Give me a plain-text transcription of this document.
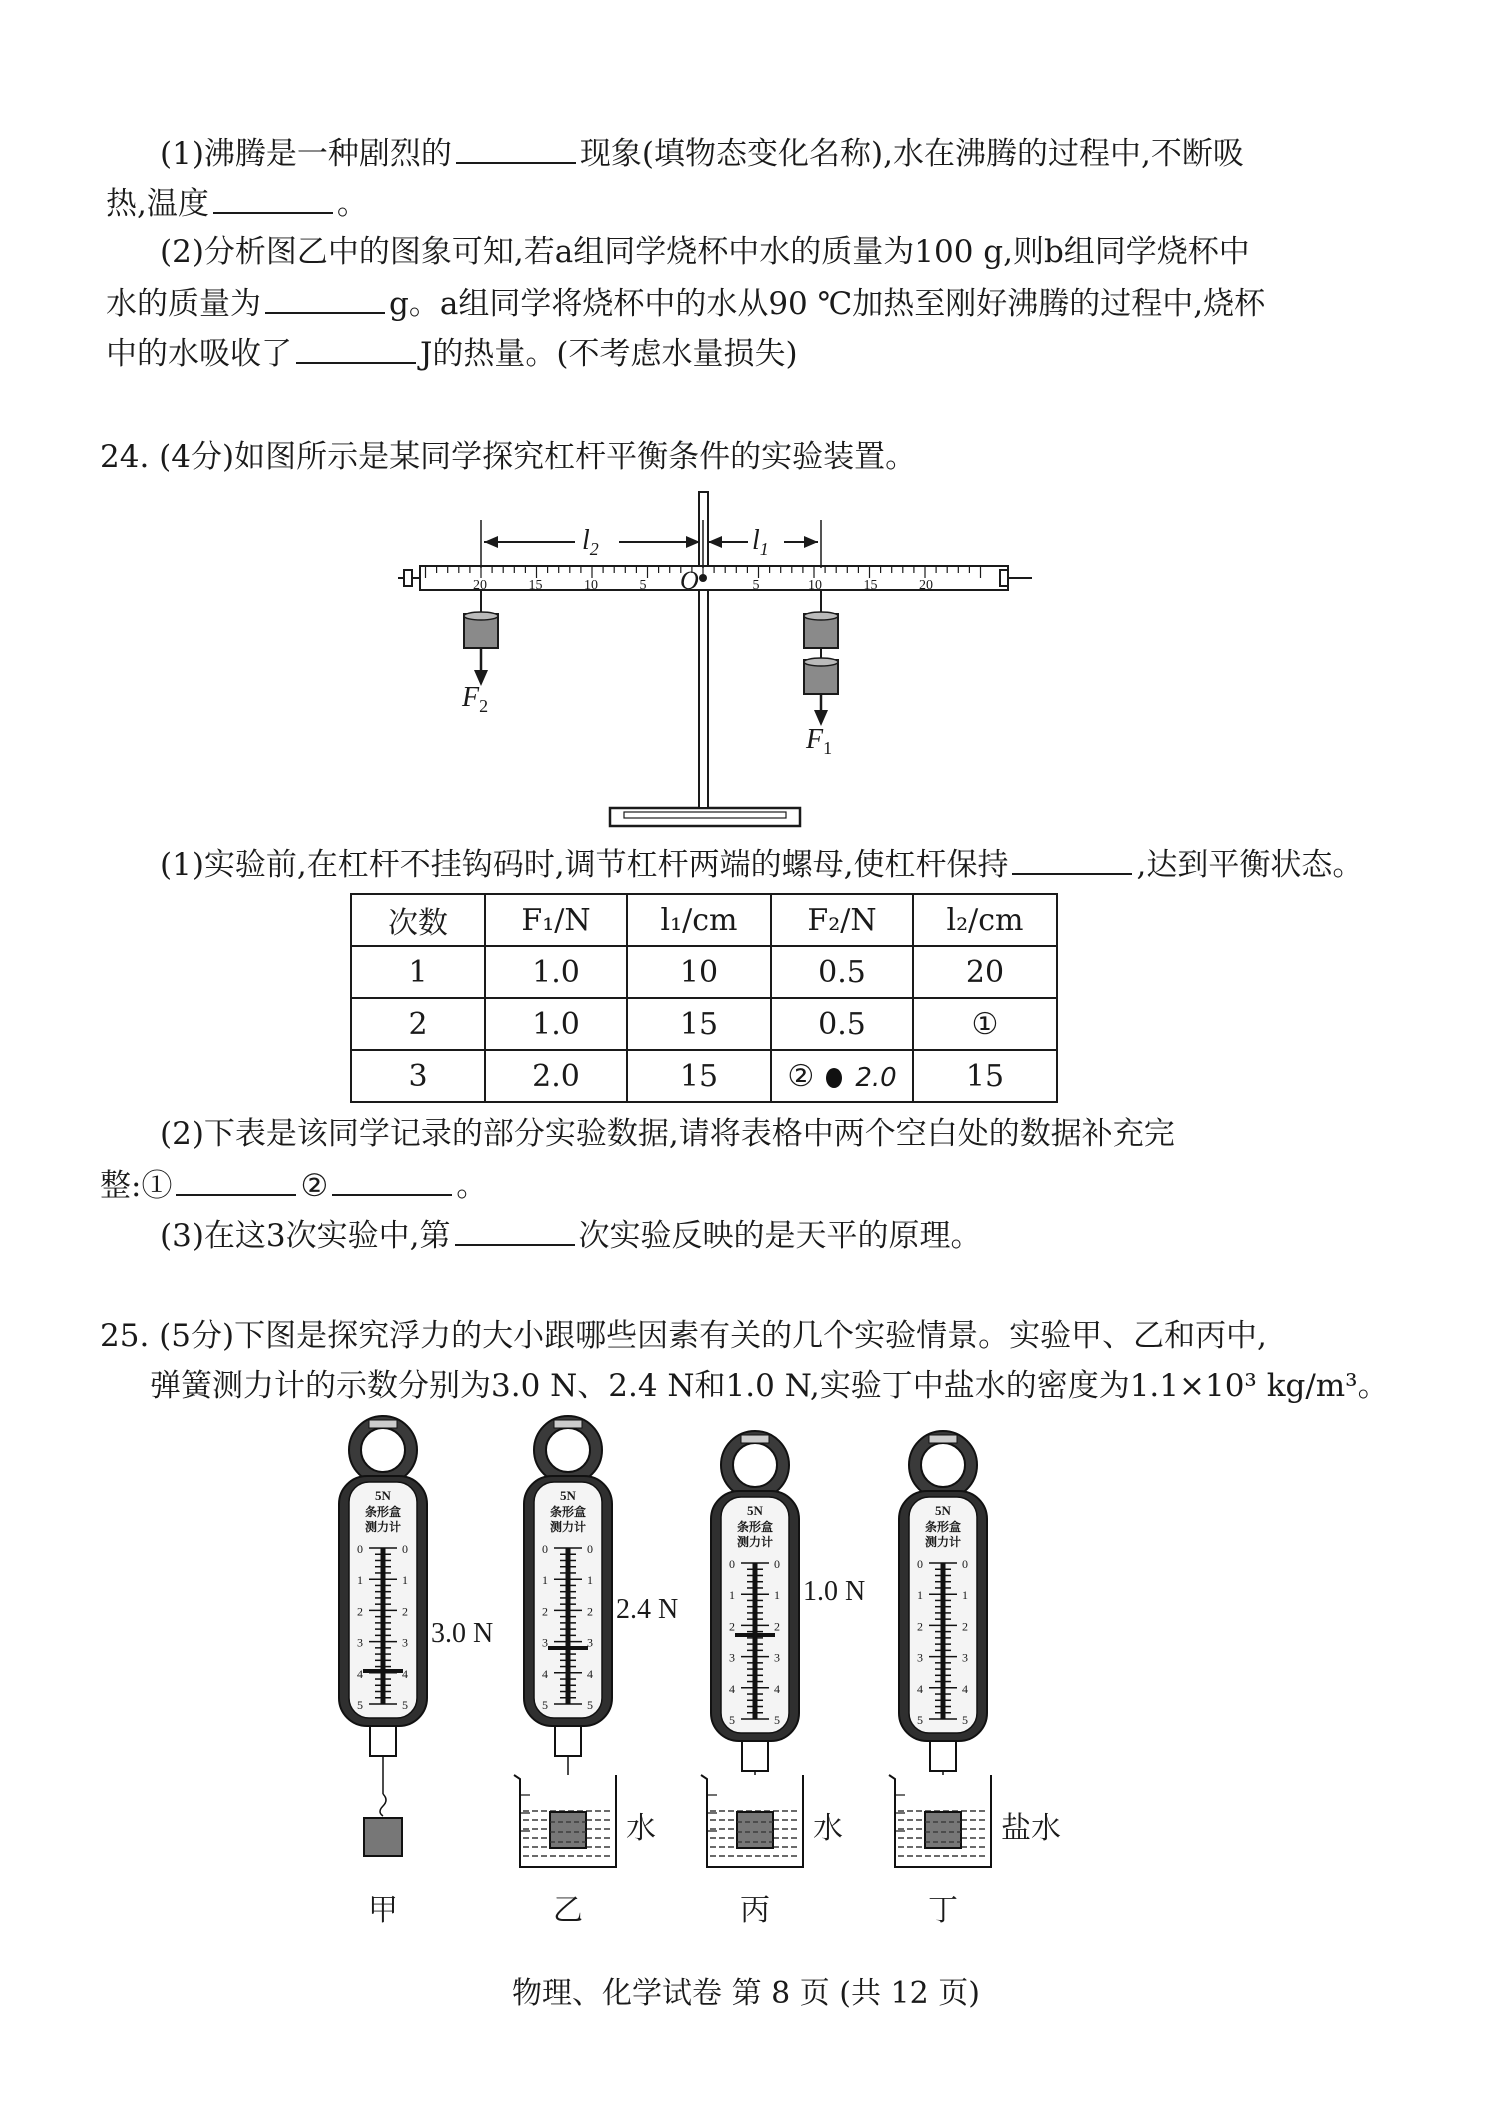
(1)沸腾是一种剧烈的	现象(填物态变化名称),水在沸腾的过程中,不断吸
热,温度	。
(2)分析图乙中的图象可知,若a组同学烧杯中水的质量为100 g,则b组同学烧杯中
水的质量为	g。a组同学将烧杯中的水从90 ℃加热至刚好沸腾的过程中,烧杯
中的水吸收了	J的热量。(不考虑水量损失)
24. (4分)如图所示是某同学探究杠杆平衡条件的实验装置。
20	15	10	5	5	10	15	20
O
$l_2$	$l_1$
$F_2$
$F_1$
(1)实验前,在杠杆不挂钩码时,调节杠杆两端的螺母,使杠杆保持	,达到平衡状态。
次数	F₁/N	l₁/cm	F₂/N	l₂/cm
1	1.0	10	0.5	20
2	1.0	15	0.5	①
3	2.0	15	② 2.0	15
(2)下表是该同学记录的部分实验数据,请将表格中两个空白处的数据补充完
整:①	②	。
(3)在这3次实验中,第	次实验反映的是天平的原理。
25. (5分)下图是探究浮力的大小跟哪些因素有关的几个实验情景。实验甲、乙和丙中,
弹簧测力计的示数分别为3.0 N、2.4 N和1.0 N,实验丁中盐水的密度为1.1×10³ kg/m³。
5N
条形盒
测力计
0	0
1	1
2	2
3	3
4	4
5	5
3.0 N
甲
5N
条形盒
测力计
0	0
1	1
2	2
3	3
4	4
5	5
2.4 N
水
乙
5N
条形盒
测力计
0	0
1	1
2	2
3	3
4	4
5	5
1.0 N
水
丙
5N
条形盒
测力计
0	0
1	1
2	2
3	3
4	4
5	5
盐水
丁
物理、化学试卷 第 8 页 (共 12 页)
